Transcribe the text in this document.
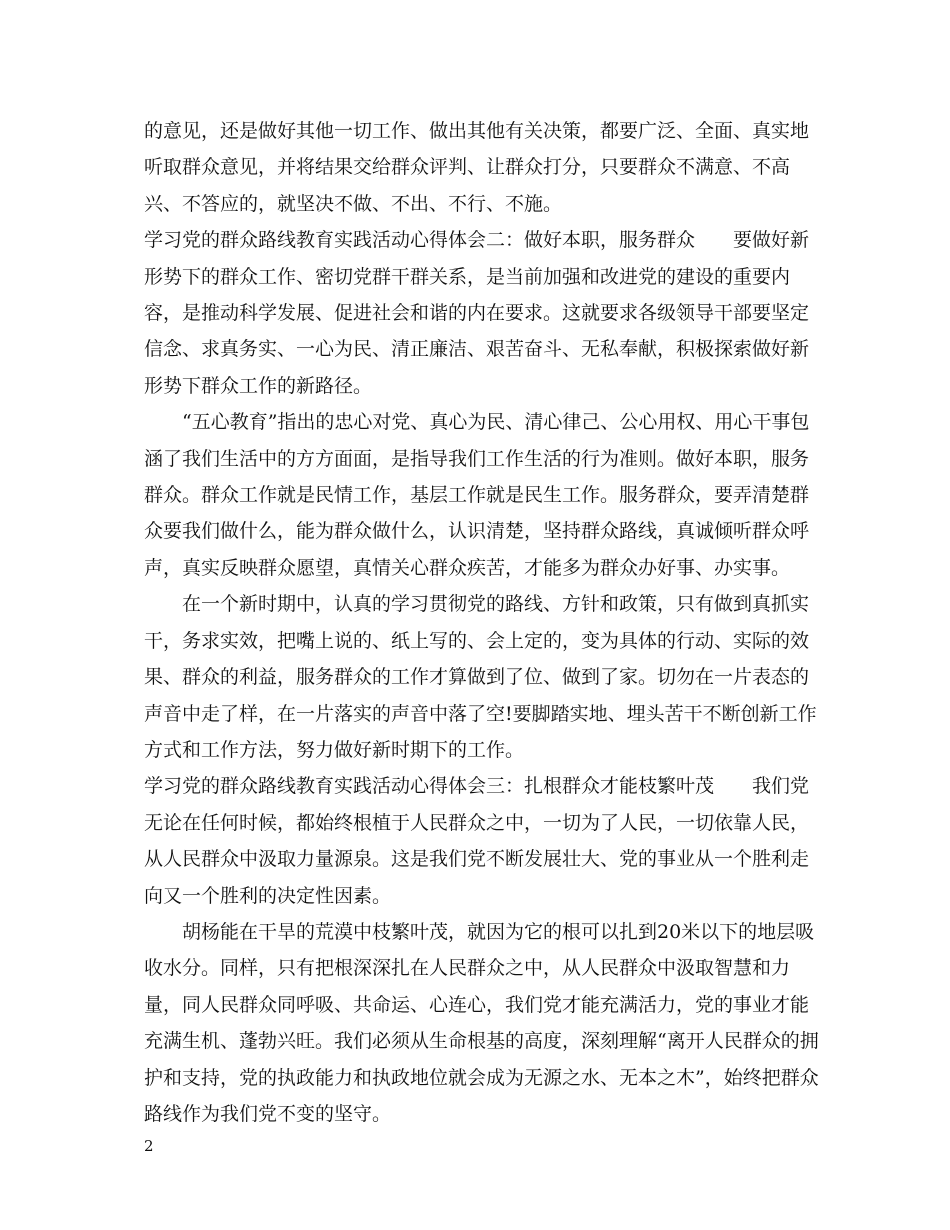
的意见，还是做好其他一切工作、做出其他有关决策，都要广泛、全面、真实地听取群众意见，并将结果交给群众评判、让群众打分，只要群众不满意、不高兴、不答应的，就坚决不做、不出、不行、不施。

学习党的群众路线教育实践活动心得体会二：做好本职，服务群众　　要做好新形势下的群众工作、密切党群干群关系，是当前加强和改进党的建设的重要内容，是推动科学发展、促进社会和谐的内在要求。这就要求各级领导干部要坚定信念、求真务实、一心为民、清正廉洁、艰苦奋斗、无私奉献，积极探索做好新形势下群众工作的新路径。

“五心教育”指出的忠心对党、真心为民、清心律己、公心用权、用心干事包涵了我们生活中的方方面面，是指导我们工作生活的行为准则。做好本职，服务群众。群众工作就是民情工作，基层工作就是民生工作。服务群众，要弄清楚群众要我们做什么，能为群众做什么，认识清楚，坚持群众路线，真诚倾听群众呼声，真实反映群众愿望，真情关心群众疾苦，才能多为群众办好事、办实事。

在一个新时期中，认真的学习贯彻党的路线、方针和政策，只有做到真抓实干，务求实效，把嘴上说的、纸上写的、会上定的，变为具体的行动、实际的效果、群众的利益，服务群众的工作才算做到了位、做到了家。切勿在一片表态的声音中走了样，在一片落实的声音中落了空!要脚踏实地、埋头苦干不断创新工作方式和工作方法，努力做好新时期下的工作。

学习党的群众路线教育实践活动心得体会三：扎根群众才能枝繁叶茂　　我们党无论在任何时候，都始终根植于人民群众之中，一切为了人民，一切依靠人民，从人民群众中汲取力量源泉。这是我们党不断发展壮大、党的事业从一个胜利走向又一个胜利的决定性因素。

胡杨能在干旱的荒漠中枝繁叶茂，就因为它的根可以扎到20米以下的地层吸收水分。同样，只有把根深深扎在人民群众之中，从人民群众中汲取智慧和力量，同人民群众同呼吸、共命运、心连心，我们党才能充满活力，党的事业才能充满生机、蓬勃兴旺。我们必须从生命根基的高度，深刻理解“离开人民群众的拥护和支持，党的执政能力和执政地位就会成为无源之水、无本之木”，始终把群众路线作为我们党不变的坚守。

2
